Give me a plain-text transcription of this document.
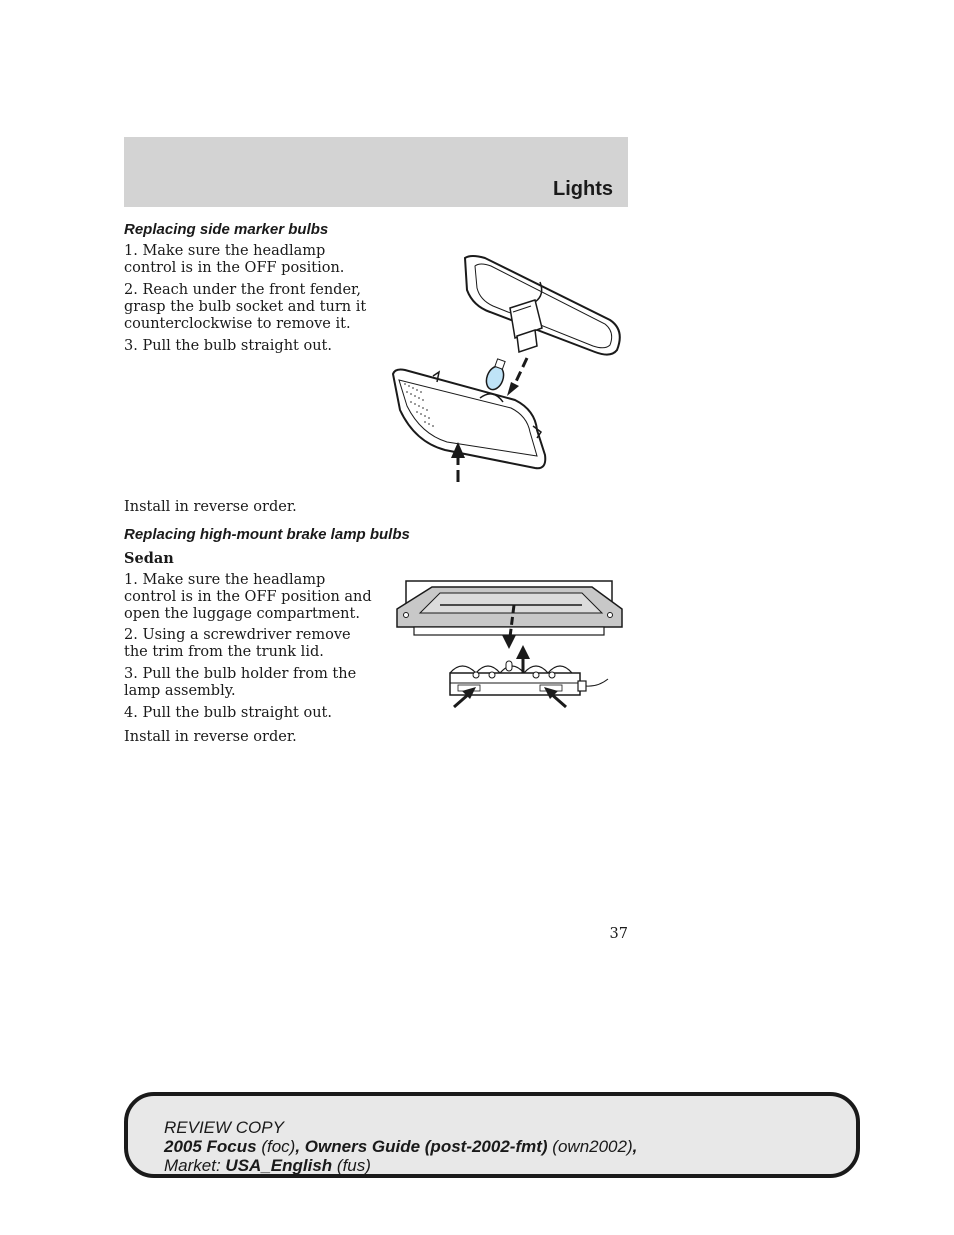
Lights
Replacing side marker bulbs
1. Make sure the headlamp control is in the OFF position.
2. Reach under the front fender, grasp the bulb socket and turn it counterclockwise to remove it.
3. Pull the bulb straight out.
Install in reverse order.
Replacing high-mount brake lamp bulbs
Sedan
1. Make sure the headlamp control is in the OFF position and open the luggage compartment.
2. Using a screwdriver remove the trim from the trunk lid.
3. Pull the bulb holder from the lamp assembly.
4. Pull the bulb straight out.
Install in reverse order.
37
REVIEW COPY
2005 Focus (foc), Owners Guide (post-2002-fmt) (own2002),
Market: USA_English (fus)
